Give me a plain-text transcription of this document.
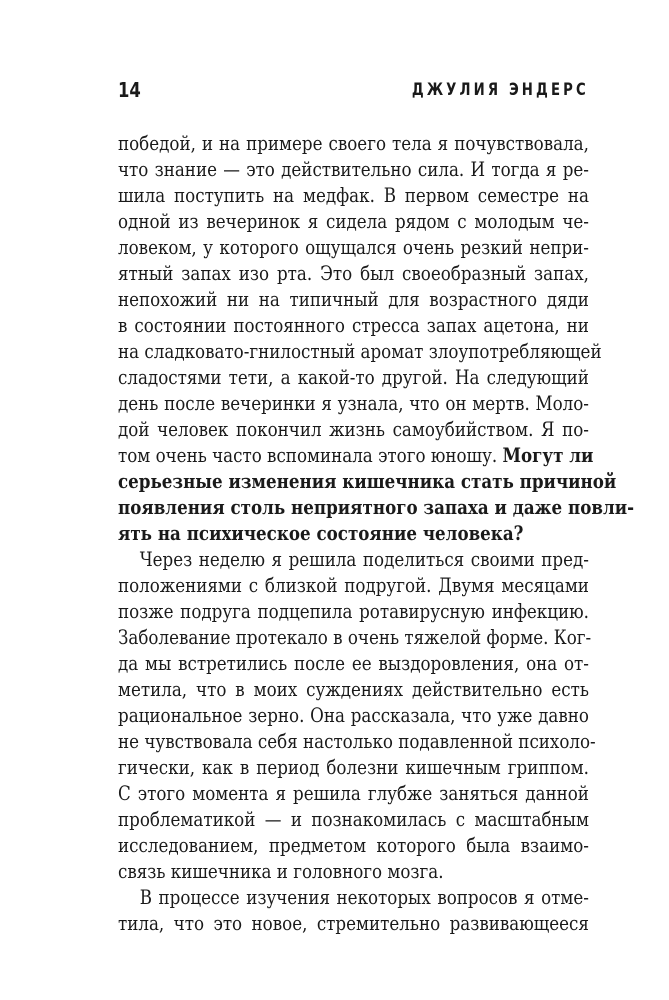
14	ДЖУЛИЯ ЭНДЕРС
победой, и на примере своего тела я почувствовала,
что знание — это действительно сила. И тогда я ре-
шила поступить на медфак. В первом семестре на
одной из вечеринок я сидела рядом с молодым че-
ловеком, у которого ощущался очень резкий непри-
ятный запах изо рта. Это был своеобразный запах,
непохожий ни на типичный для возрастного дяди
в состоянии постоянного стресса запах ацетона, ни
на сладковато-гнилостный аромат злоупотребляющей
сладостями тети, а какой-то другой. На следующий
день после вечеринки я узнала, что он мертв. Моло-
дой человек покончил жизнь самоубийством. Я по-
том очень часто вспоминала этого юношу. Могут ли
серьезные изменения кишечника стать причиной
появления столь неприятного запаха и даже повли-
ять на психическое состояние человека?
Через неделю я решила поделиться своими пред-
положениями с близкой подругой. Двумя месяцами
позже подруга подцепила ротавирусную инфекцию.
Заболевание протекало в очень тяжелой форме. Ког-
да мы встретились после ее выздоровления, она от-
метила, что в моих суждениях действительно есть
рациональное зерно. Она рассказала, что уже давно
не чувствовала себя настолько подавленной психоло-
гически, как в период болезни кишечным гриппом.
С этого момента я решила глубже заняться данной
проблематикой — и познакомилась с масштабным
исследованием, предметом которого была взаимо-
связь кишечника и головного мозга.
В процессе изучения некоторых вопросов я отме-
тила, что это новое, стремительно развивающееся
